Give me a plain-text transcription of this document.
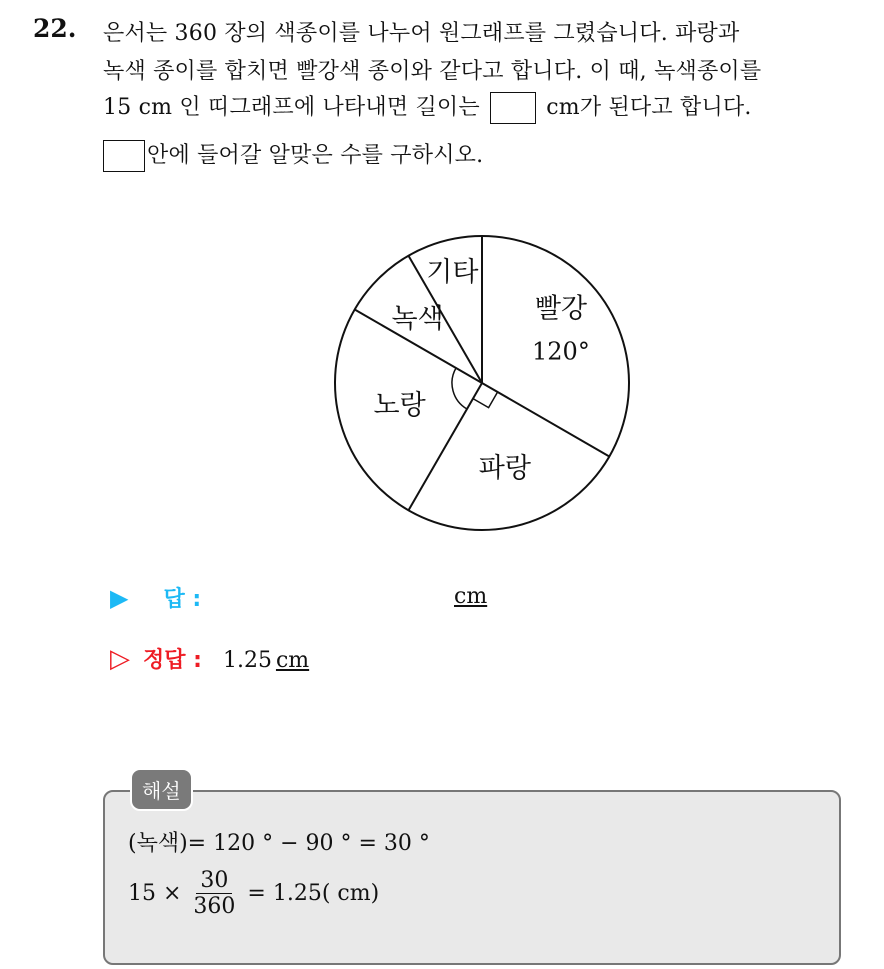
22. 은서는 360 장의 색종이를 나누어 원그래프를 그렸습니다. 파랑과
녹색 종이를 합치면 빨강색 종이와 같다고 합니다. 이 때, 녹색종이를
15 cm 인 띠그래프에 나타내면 길이는	cm가 된다고 합니다.
안에 들어갈 알맞은 수를 구하시오.
빨강
120°
파랑
노랑
녹색
기타
▶ 답 :	cm
▷ 정답 : 1.25 cm
해설
(녹색)= 120 ° − 90 ° = 30 °
$15 \times \frac{30}{360} = 1.25$( cm)
